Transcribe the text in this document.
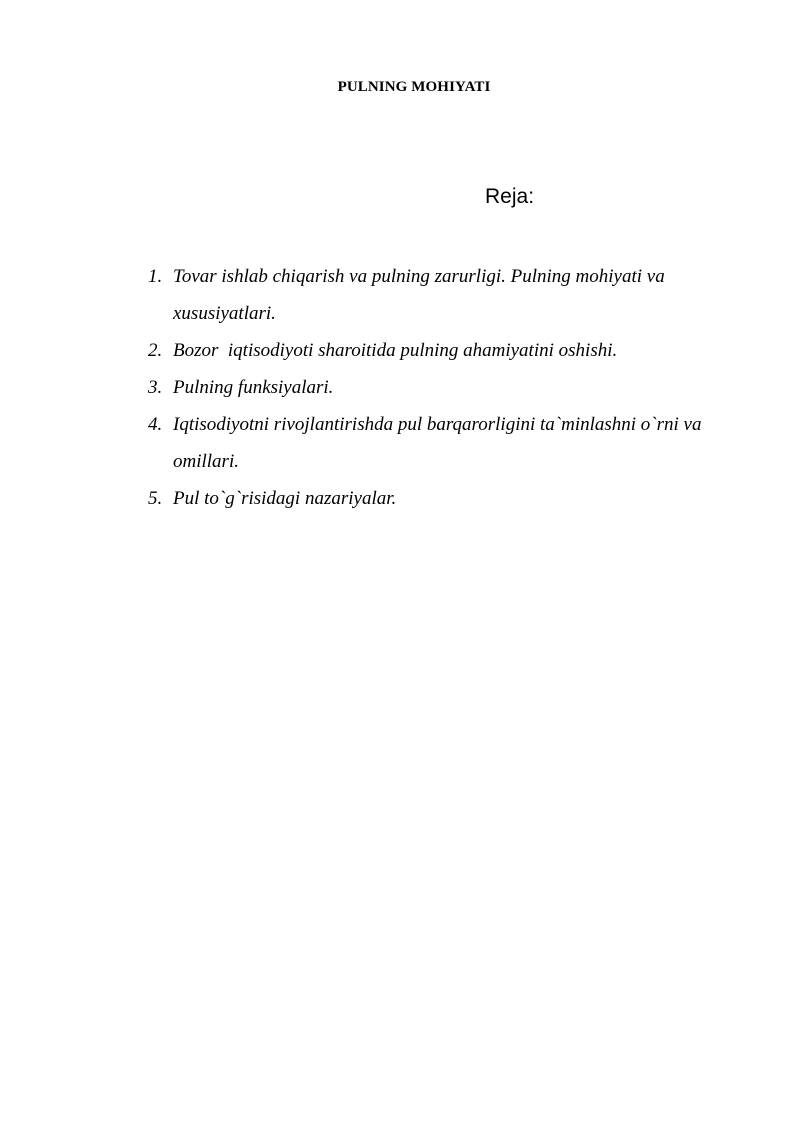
PULNING MOHIYATI
Reja:
1. Tovar ishlab chiqarish va pulning zarurligi. Pulning mohiyati va xususiyatlari.
2. Bozor  iqtisodiyoti sharoitida pulning ahamiyatini oshishi.
3. Pulning funksiyalari.
4. Iqtisodiyotni rivojlantirishda pul barqarorligini ta`minlashni o`rni va omillari.
5. Pul to`g`risidagi nazariyalar.
